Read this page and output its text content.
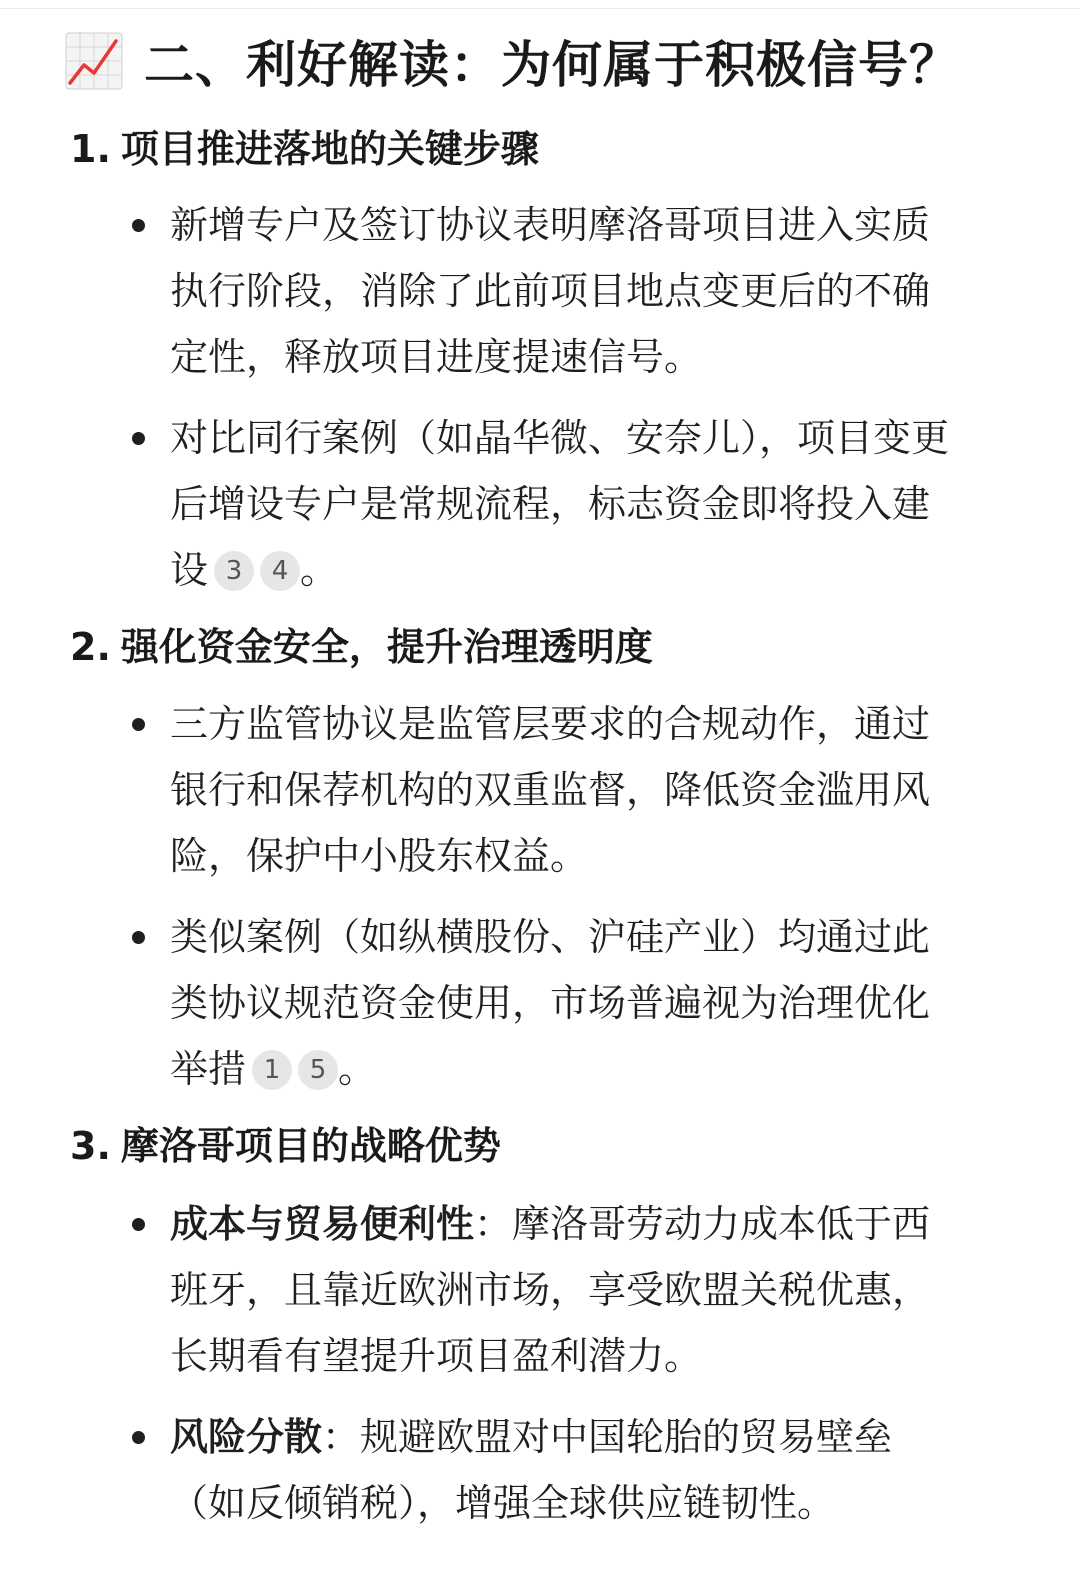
二、利好解读：为何属于积极信号？
1. 项目推进落地的关键步骤
新增专户及签订协议表明摩洛哥项目进入实质
执行阶段，消除了此前项目地点变更后的不确
定性，释放项目进度提速信号。
对比同行案例（如晶华微、安奈儿），项目变更
后增设专户是常规流程，标志资金即将投入建
设 3 4 。
2. 强化资金安全，提升治理透明度
三方监管协议是监管层要求的合规动作，通过
银行和保荐机构的双重监督，降低资金滥用风
险，保护中小股东权益。
类似案例（如纵横股份、沪硅产业）均通过此
类协议规范资金使用，市场普遍视为治理优化
举措 1 5 。
3. 摩洛哥项目的战略优势
成本与贸易便利性：摩洛哥劳动力成本低于西
班牙，且靠近欧洲市场，享受欧盟关税优惠，
长期看有望提升项目盈利潜力。
风险分散：规避欧盟对中国轮胎的贸易壁垒
（如反倾销税），增强全球供应链韧性。
